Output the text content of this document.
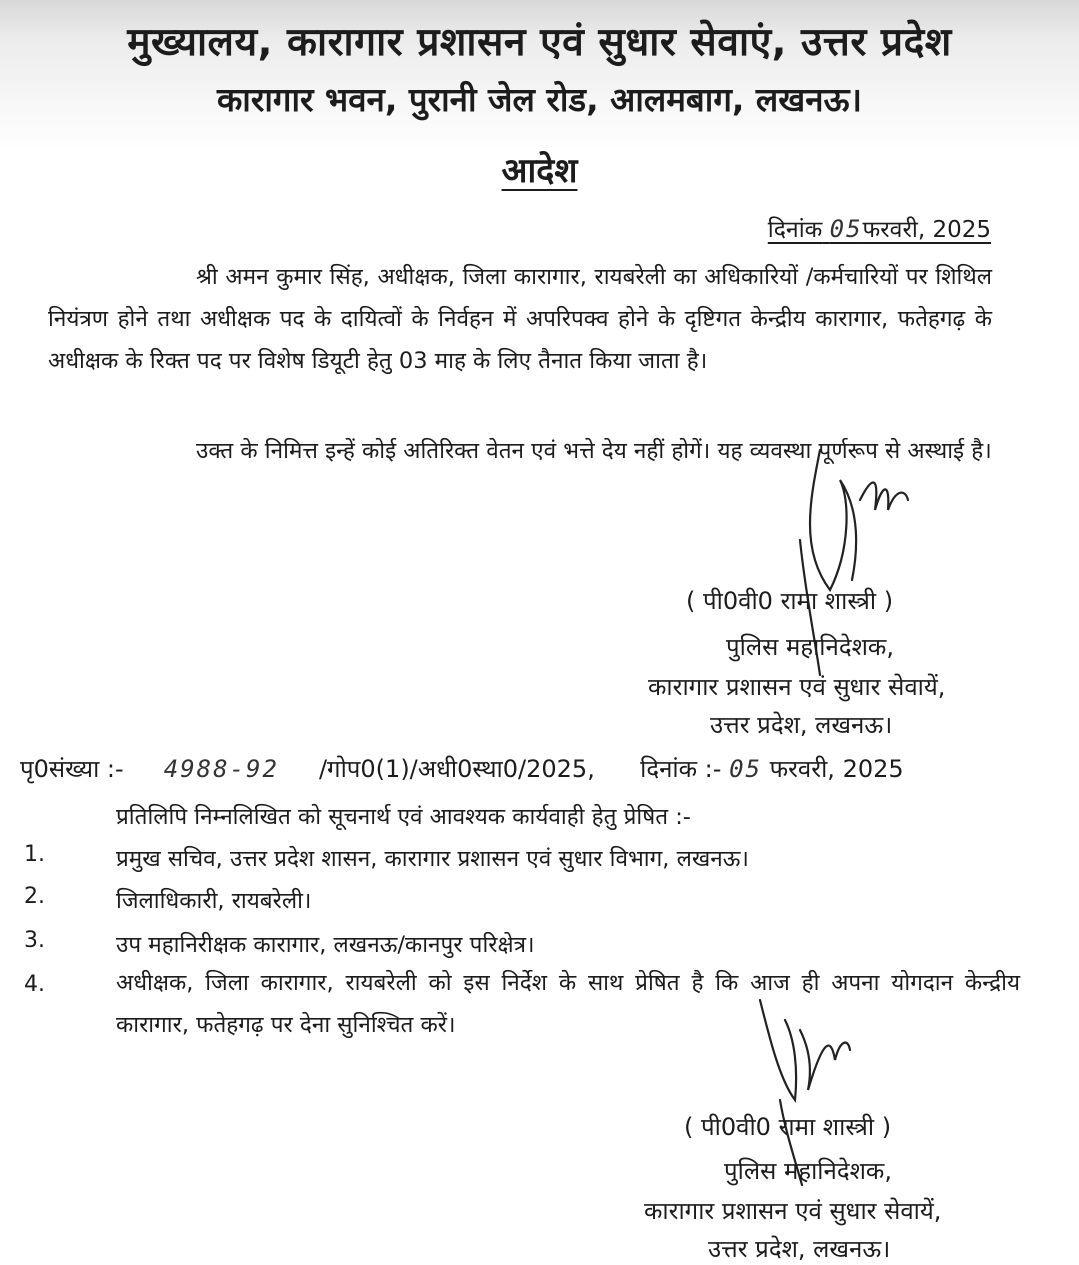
मुख्यालय, कारागार प्रशासन एवं सुधार सेवाएं, उत्तर प्रदेश
कारागार भवन, पुरानी जेल रोड, आलमबाग, लखनऊ।
आदेश
दिनांक 05फरवरी, 2025
श्री अमन कुमार सिंह, अधीक्षक, जिला कारागार, रायबरेली का अधिकारियों /कर्मचारियों पर शिथिल नियंत्रण होने तथा अधीक्षक पद के दायित्वों के निर्वहन में अपरिपक्व होने के दृष्टिगत केन्द्रीय कारागार, फतेहगढ़ के अधीक्षक के रिक्त पद पर विशेष डियूटी हेतु 03 माह के लिए तैनात किया जाता है।
उक्त के निमित्त इन्हें कोई अतिरिक्त वेतन एवं भत्ते देय नहीं होगें। यह व्यवस्था पूर्णरूप से अस्थाई है।
( पी0वी0 रामा शास्त्री )
पुलिस महानिदेशक,
कारागार प्रशासन एवं सुधार सेवायें,
उत्तर प्रदेश, लखनऊ।
पृ0संख्या :- 4988-92 /गोप0(1)/अधी0स्था0/2025, दिनांक :- 05 फरवरी, 2025
प्रतिलिपि निम्नलिखित को सूचनार्थ एवं आवश्यक कार्यवाही हेतु प्रेषित :-
1.	प्रमुख सचिव, उत्तर प्रदेश शासन, कारागार प्रशासन एवं सुधार विभाग, लखनऊ।
2.	जिलाधिकारी, रायबरेली।
3.	उप महानिरीक्षक कारागार, लखनऊ/कानपुर परिक्षेत्र।
4.	अधीक्षक, जिला कारागार, रायबरेली को इस निर्देश के साथ प्रेषित है कि आज ही अपना योगदान केन्द्रीय कारागार, फतेहगढ़ पर देना सुनिश्चित करें।
( पी0वी0 रामा शास्त्री )
पुलिस महानिदेशक,
कारागार प्रशासन एवं सुधार सेवायें,
उत्तर प्रदेश, लखनऊ।
